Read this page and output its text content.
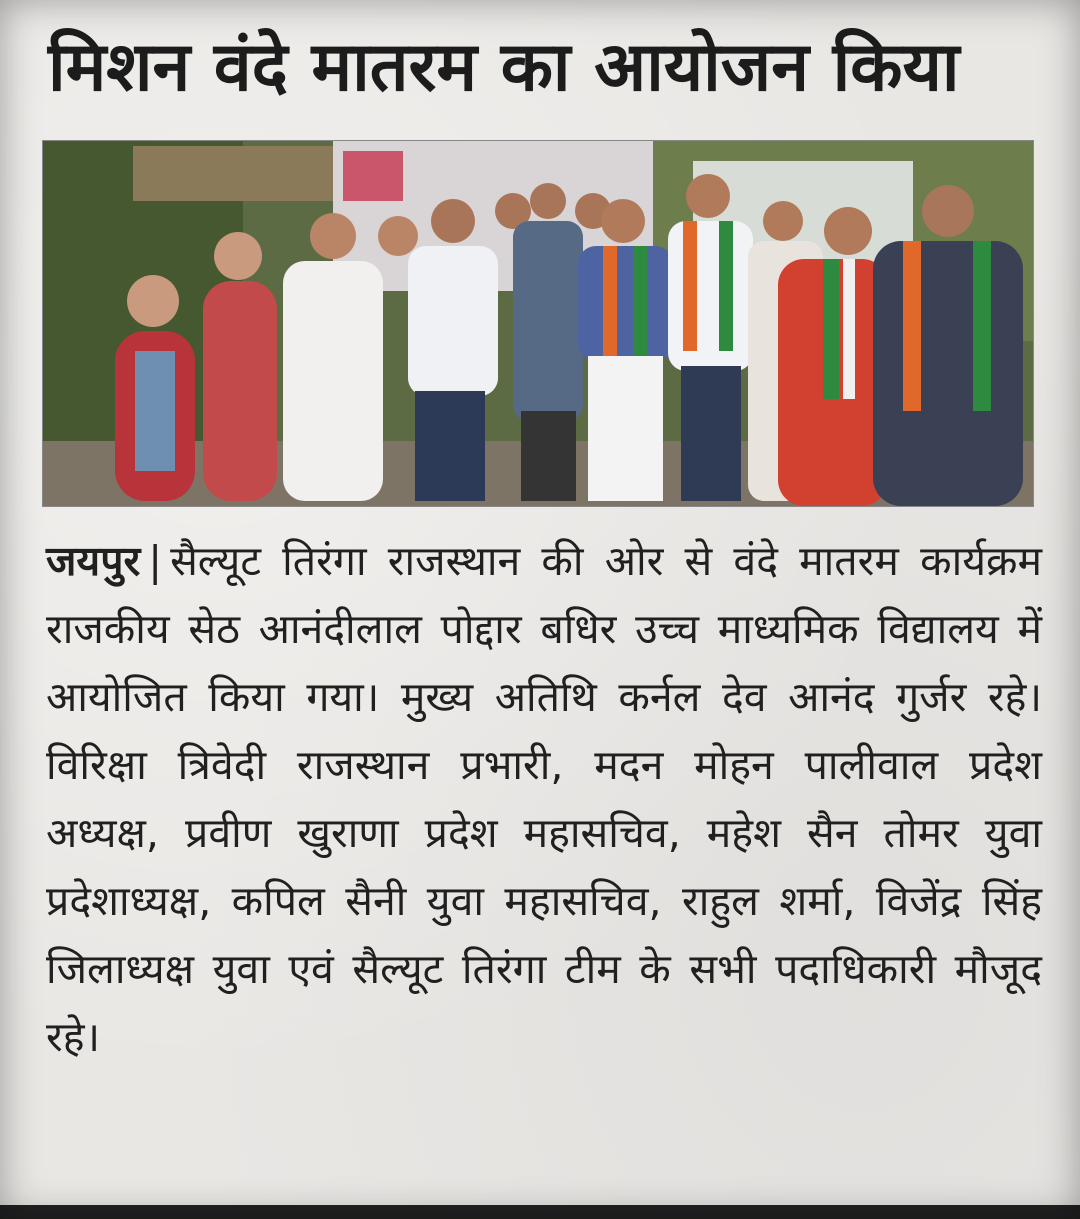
मिशन वंदे मातरम का आयोजन किया
जयपुर | सैल्यूट तिरंगा राजस्थान की ओर से वंदे मातरम कार्यक्रम राजकीय सेठ आनंदीलाल पोद्दार बधिर उच्च माध्यमिक विद्यालय में आयोजित किया गया। मुख्य अतिथि कर्नल देव आनंद गुर्जर रहे। विरिक्षा त्रिवेदी राजस्थान प्रभारी, मदन मोहन पालीवाल प्रदेश अध्यक्ष, प्रवीण खुराणा प्रदेश महासचिव, महेश सैन तोमर युवा प्रदेशाध्यक्ष, कपिल सैनी युवा महासचिव, राहुल शर्मा, विजेंद्र सिंह जिलाध्यक्ष युवा एवं सैल्यूट तिरंगा टीम के सभी पदाधिकारी मौजूद रहे।
